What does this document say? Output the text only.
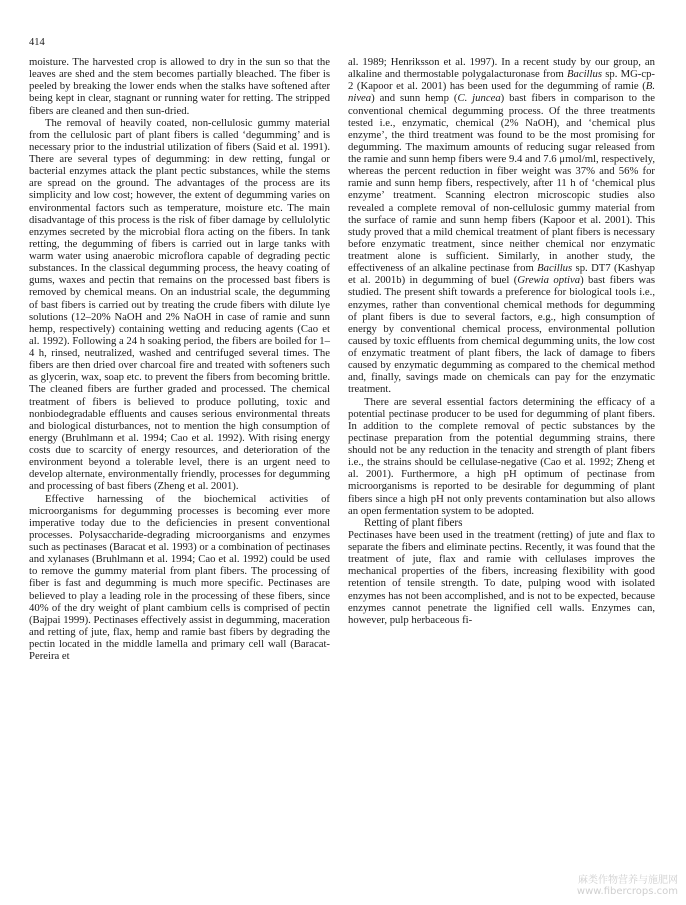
414

moisture. The harvested crop is allowed to dry in the sun so that the leaves are shed and the stem becomes partially bleached. The fiber is peeled by breaking the lower ends when the stalks have softened after being kept in clear, stagnant or running water for retting. The stripped fibers are cleaned and then sun-dried.

The removal of heavily coated, non-cellulosic gummy material from the cellulosic part of plant fibers is called ‘degumming’ and is necessary prior to the industrial utilization of fibers (Said et al. 1991). There are several types of degumming: in dew retting, fungal or bacterial enzymes attack the plant pectic substances, while the stems are spread on the ground. The advantages of the process are its simplicity and low cost; however, the extent of degumming varies on environmental factors such as temperature, moisture etc. The main disadvantage of this process is the risk of fiber damage by cellulolytic enzymes secreted by the microbial flora acting on the fibers. In tank retting, the degumming of fibers is carried out in large tanks with warm water using anaerobic microflora capable of degrading pectic substances. In the classical degumming process, the heavy coating of gums, waxes and pectin that remains on the processed bast fibers is removed by chemical means. On an industrial scale, the degumming of bast fibers is carried out by treating the crude fibers with dilute lye solutions (12–20% NaOH and 2% NaOH in case of ramie and sunn hemp, respectively) containing wetting and reducing agents (Cao et al. 1992). Following a 24 h soaking period, the fibers are boiled for 1–4 h, rinsed, neutralized, washed and centrifuged several times. The fibers are then dried over charcoal fire and treated with softeners such as glycerin, wax, soap etc. to prevent the fibers from becoming brittle. The cleaned fibers are further graded and processed. The chemical treatment of fibers is believed to produce polluting, toxic and nonbiodegradable effluents and causes serious environmental threats and biological disturbances, not to mention the high consumption of energy (Bruhlmann et al. 1994; Cao et al. 1992). With rising energy costs due to scarcity of energy resources, and deterioration of the environment beyond a tolerable level, there is an urgent need to develop alternate, environmentally friendly, processes for degumming and processing of bast fibers (Zheng et al. 2001).

Effective harnessing of the biochemical activities of microorganisms for degumming processes is becoming ever more imperative today due to the deficiencies in present conventional processes. Polysaccharide-degrading microorganisms and enzymes such as pectinases (Baracat et al. 1993) or a combination of pectinases and xylanases (Bruhlmann et al. 1994; Cao et al. 1992) could be used to remove the gummy material from plant fibers. The processing of fiber is fast and degumming is much more specific. Pectinases are believed to play a leading role in the processing of these fibers, since 40% of the dry weight of plant cambium cells is comprised of pectin (Bajpai 1999). Pectinases effectively assist in degumming, maceration and retting of jute, flax, hemp and ramie bast fibers by degrading the pectin located in the middle lamella and primary cell wall (Baracat-Pereira et

al. 1989; Henriksson et al. 1997). In a recent study by our group, an alkaline and thermostable polygalacturonase from Bacillus sp. MG-cp-2 (Kapoor et al. 2001) has been used for the degumming of ramie (B. nivea) and sunn hemp (C. juncea) bast fibers in comparison to the conventional chemical degumming process. Of the three treatments tested i.e., enzymatic, chemical (2% NaOH), and ‘chemical plus enzyme’, the third treatment was found to be the most promising for degumming. The maximum amounts of reducing sugar released from the ramie and sunn hemp fibers were 9.4 and 7.6 μmol/ml, respectively, whereas the percent reduction in fiber weight was 37% and 56% for ramie and sunn hemp fibers, respectively, after 11 h of ‘chemical plus enzyme’ treatment. Scanning electron microscopic studies also revealed a complete removal of non-cellulosic gummy material from the surface of ramie and sunn hemp fibers (Kapoor et al. 2001). This study proved that a mild chemical treatment of plant fibers is necessary before enzymatic treatment, since neither chemical nor enzymatic treatment alone is sufficient. Similarly, in another study, the effectiveness of an alkaline pectinase from Bacillus sp. DT7 (Kashyap et al. 2001b) in degumming of buel (Grewia optiva) bast fibers was studied. The present shift towards a preference for biological tools i.e., enzymes, rather than conventional chemical methods for degumming of plant fibers is due to several factors, e.g., high consumption of energy by conventional chemical process, environmental pollution caused by toxic effluents from chemical degumming units, the low cost of enzymatic treatment of plant fibers, the lack of damage to fibers caused by enzymatic degumming as compared to the chemical method and, finally, savings made on chemicals can pay for the enzymatic treatment.

There are several essential factors determining the efficacy of a potential pectinase producer to be used for degumming of plant fibers. In addition to the complete removal of pectic substances by the pectinase preparation from the potential degumming strains, there should not be any reduction in the tenacity and strength of plant fibers i.e., the strains should be cellulase-negative (Cao et al. 1992; Zheng et al. 2001). Furthermore, a high pH optimum of pectinase from microorganisms is reported to be desirable for degumming of plant fibers since a high pH not only prevents contamination but also allows an open fermentation system to be adopted.

Retting of plant fibers

Pectinases have been used in the treatment (retting) of jute and flax to separate the fibers and eliminate pectins. Recently, it was found that the treatment of jute, flax and ramie with cellulases improves the mechanical properties of the fibers, increasing flexibility with good retention of tensile strength. To date, pulping wood with isolated enzymes has not been accomplished, and is not to be expected, because enzymes cannot penetrate the lignified cell walls. Enzymes can, however, pulp herbaceous fi-

麻类作物营养与施肥网
www.fibercrops.com
